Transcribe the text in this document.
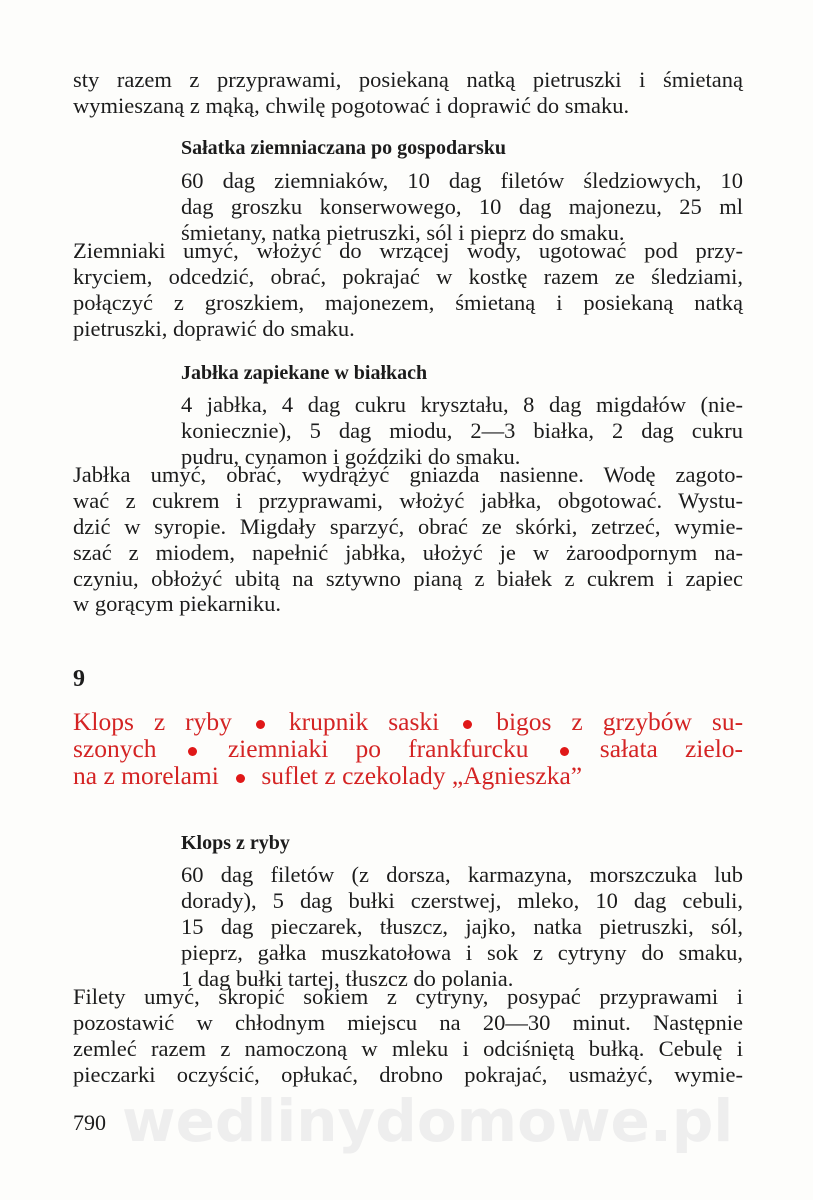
wedlinydomowe.pl
sty razem z przyprawami, posiekaną natką pietruszki i śmietaną
wymieszaną z mąką, chwilę pogotować i doprawić do smaku.
Sałatka ziemniaczana po gospodarsku
60 dag ziemniaków, 10 dag filetów śledziowych, 10
dag groszku konserwowego, 10 dag majonezu, 25 ml
śmietany, natka pietruszki, sól i pieprz do smaku.
Ziemniaki umyć, włożyć do wrzącej wody, ugotować pod przy-
kryciem, odcedzić, obrać, pokrajać w kostkę razem ze śledziami,
połączyć z groszkiem, majonezem, śmietaną i posiekaną natką
pietruszki, doprawić do smaku.
Jabłka zapiekane w białkach
4 jabłka, 4 dag cukru kryształu, 8 dag migdałów (nie-
koniecznie), 5 dag miodu, 2—3 białka, 2 dag cukru
pudru, cynamon i goździki do smaku.
Jabłka umyć, obrać, wydrążyć gniazda nasienne. Wodę zagoto-
wać z cukrem i przyprawami, włożyć jabłka, obgotować. Wystu-
dzić w syropie. Migdały sparzyć, obrać ze skórki, zetrzeć, wymie-
szać z miodem, napełnić jabłka, ułożyć je w żaroodpornym na-
czyniu, obłożyć ubitą na sztywno pianą z białek z cukrem i zapiec
w gorącym piekarniku.
9
Klops z ryby krupnik saski bigos z grzybów su-
szonych	ziemniaki po frankfurcku	sałata zielo-
na z morelami suflet z czekolady „Agnieszka”
Klops z ryby
60 dag filetów (z dorsza, karmazyna, morszczuka lub
dorady), 5 dag bułki czerstwej, mleko, 10 dag cebuli,
15 dag pieczarek, tłuszcz, jajko, natka pietruszki, sól,
pieprz, gałka muszkatołowa i sok z cytryny do smaku,
1 dag bułki tartej, tłuszcz do polania.
Filety umyć, skropić sokiem z cytryny, posypać przyprawami i
pozostawić w chłodnym miejscu na 20—30 minut. Następnie
zemleć razem z namoczoną w mleku i odciśniętą bułką. Cebulę i
pieczarki oczyścić, opłukać, drobno pokrajać, usmażyć, wymie-
790
